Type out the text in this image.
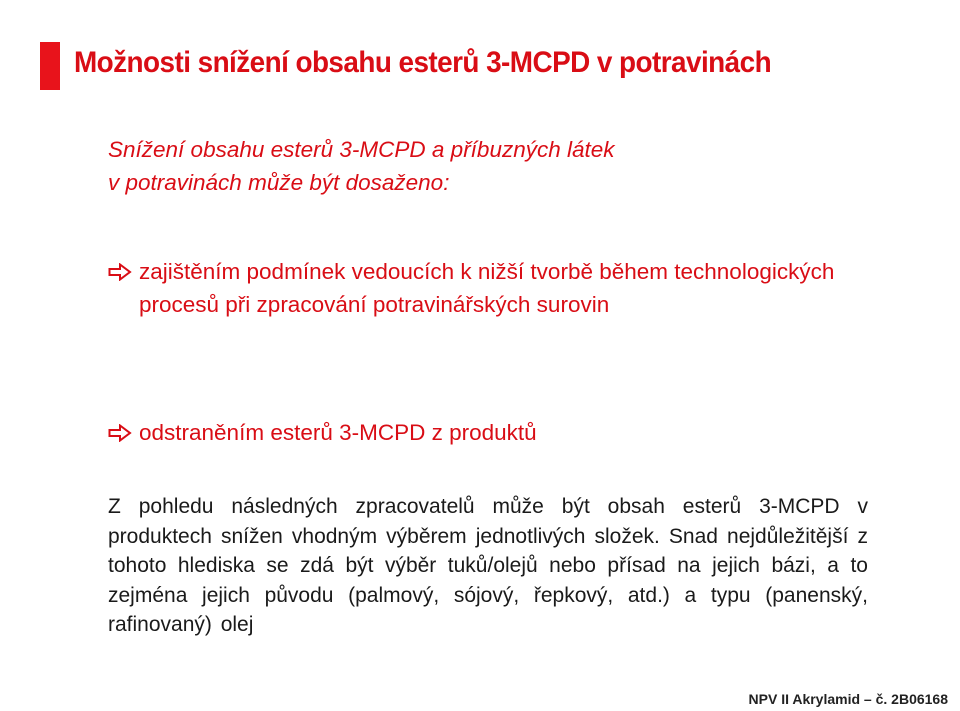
Možnosti snížení obsahu esterů 3-MCPD v potravinách
Snížení obsahu esterů 3-MCPD a příbuzných látek
v potravinách může být dosaženo:
zajištěním podmínek vedoucích k nižší tvorbě během technologických procesů při zpracování potravinářských surovin
odstraněním esterů 3-MCPD z produktů
Z pohledu následných zpracovatelů může být obsah esterů 3-MCPD v produktech snížen vhodným výběrem jednotlivých složek. Snad nejdůležitější z tohoto hlediska se zdá být výběr tuků/olejů nebo přísad na jejich bázi, a to zejména jejich původu (palmový, sójový, řepkový, atd.) a typu (panenský, rafinovaný) olej
NPV II Akrylamid – č. 2B06168
